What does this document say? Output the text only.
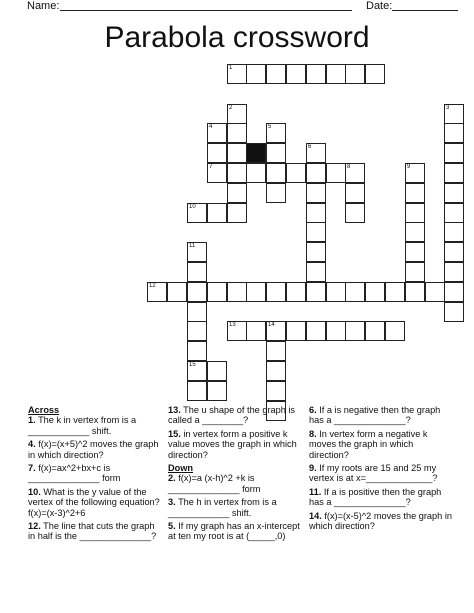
Name:	Date:
Parabola crossword
1
2	3
4	5
6
7	8	9
10
11
12
13	14
15
Across
1. The k in vertex from is a ____________ shift.
4. f(x)=(x+5)^2 moves the graph in which direction?
7. f(x)=ax^2+bx+c is ______________ form
10. What is the y value of the vertex of the following equation? f(x)=(x-3)^2+6
12. The line that cuts the graph in half is the ______________?
13. The u shape of the graph is called a ________?
15. in vertex form a positive k value moves the graph in which direction?
Down
2. f(x)=a (x-h)^2 +k is ______________ form
3. The h in vertex from is a ____________ shift.
5. If my graph has an x-intercept at ten my root is at (_____,0)
6. If a is negative then the graph has a ______________?
8. In vertex form a negative k moves the graph in which direction?
9. If my roots are 15 and 25 my vertex is at x=_____________?
11. If a is positive then the graph has a ______________?
14. f(x)=(x-5)^2 moves the graph in which direction?
